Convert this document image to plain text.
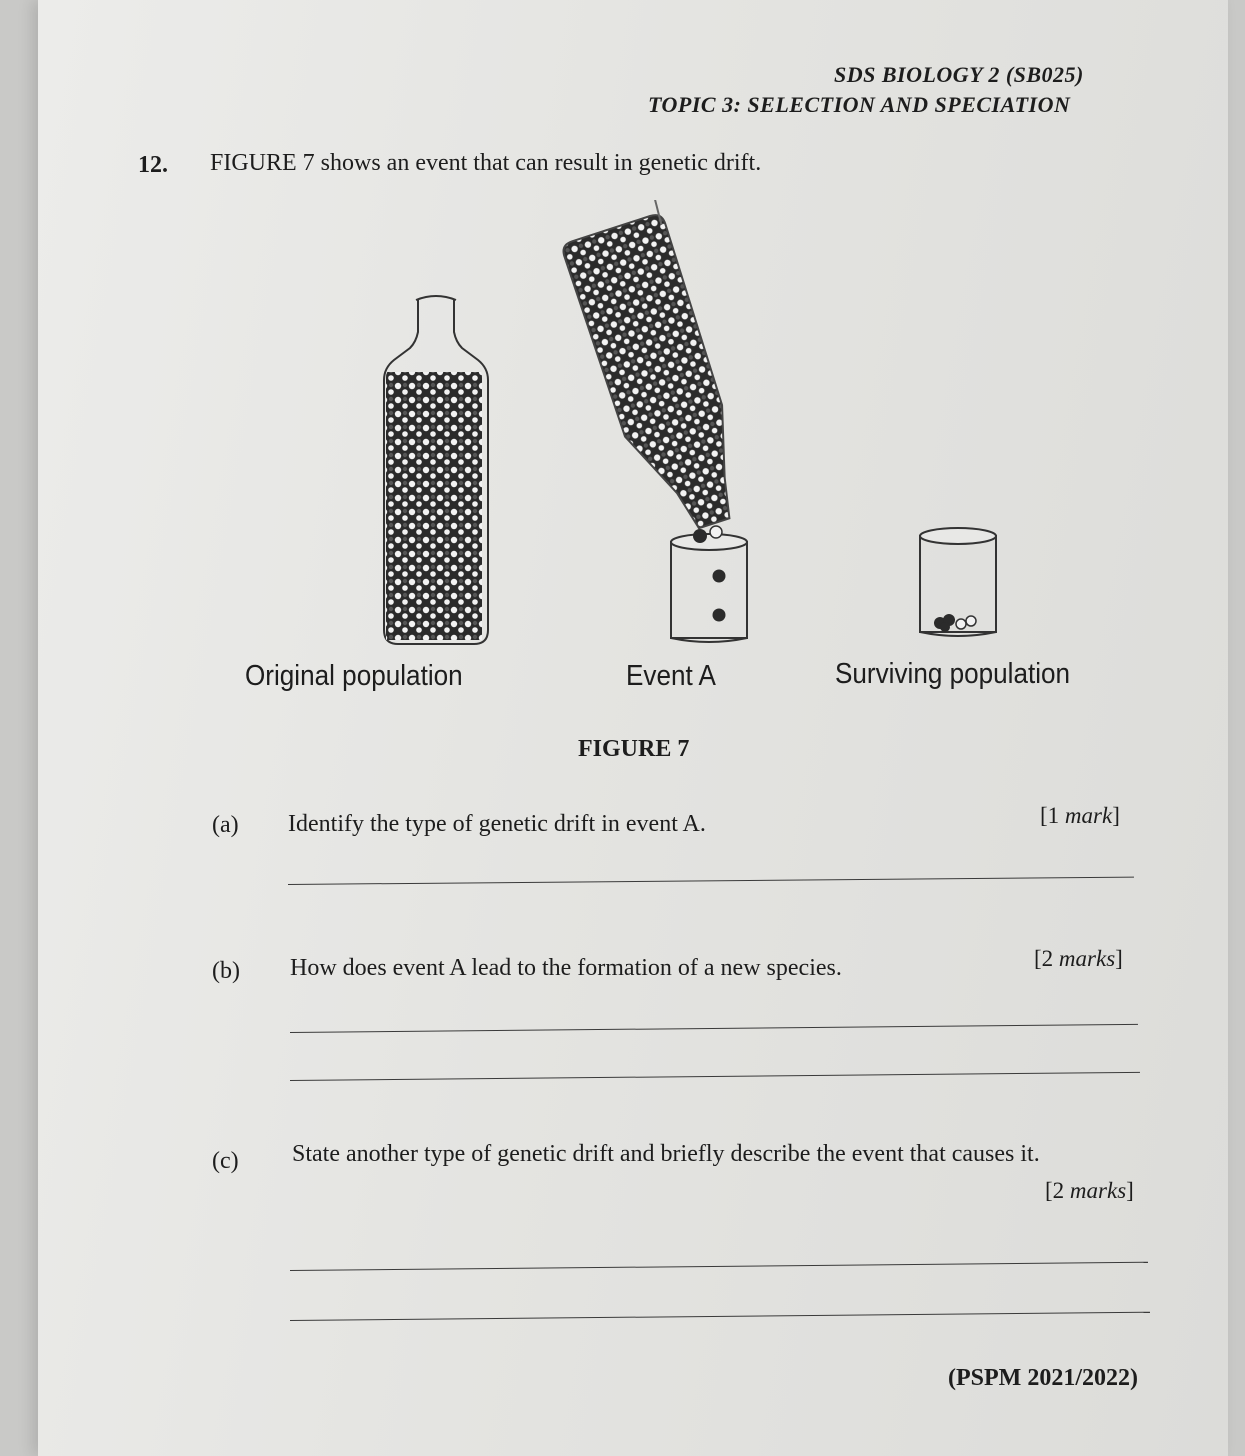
SDS BIOLOGY 2 (SB025)
TOPIC 3: SELECTION AND SPECIATION
12. FIGURE 7 shows an event that can result in genetic drift.
Original population	Event A	Surviving population
FIGURE 7
(a) Identify the type of genetic drift in event A.	[1 mark]
(b) How does event A lead to the formation of a new species.	[2 marks]
(c) State another type of genetic drift and briefly describe the event that causes it.
[2 marks]
(PSPM 2021/2022)
